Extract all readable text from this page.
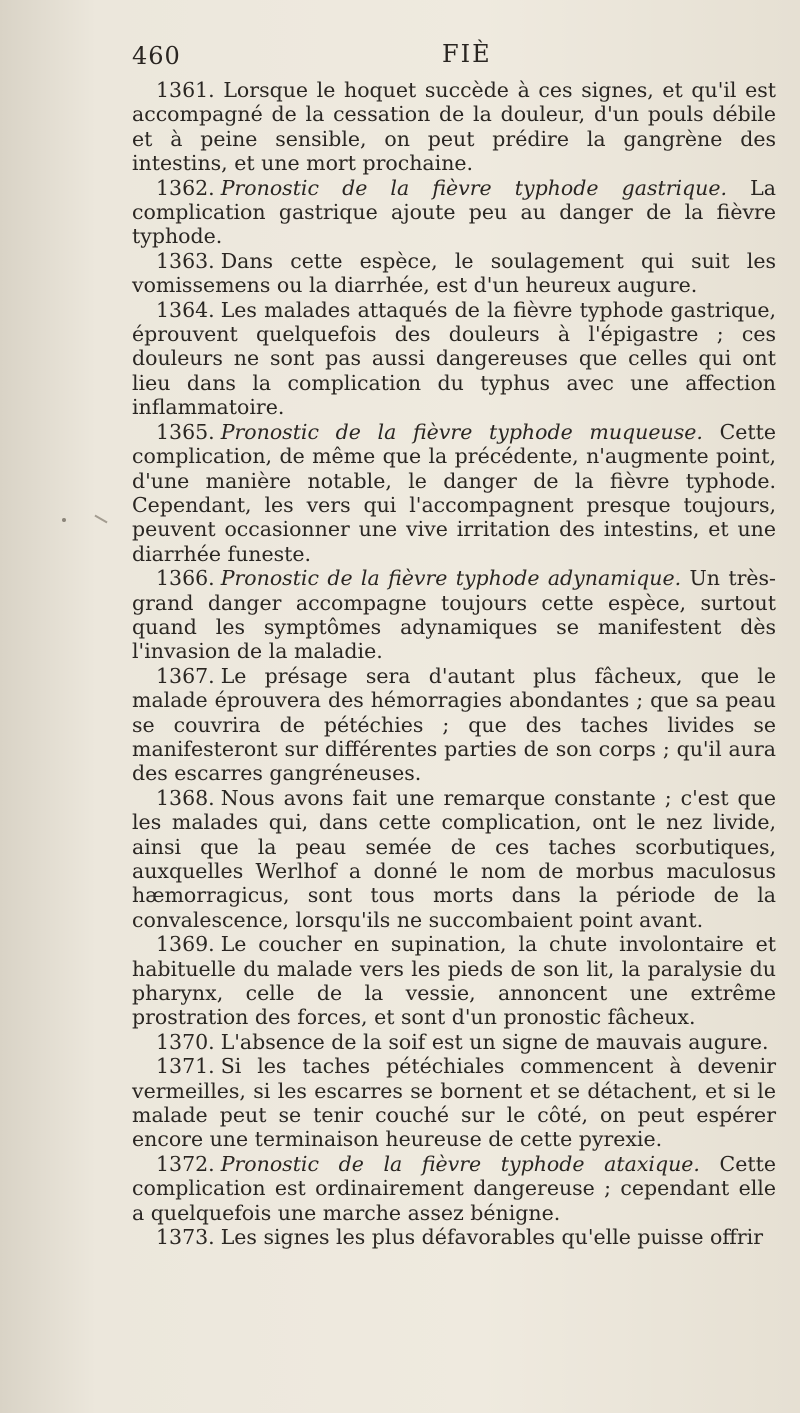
460	FIÈ

1361. Lorsque le hoquet succède à ces signes, et qu'il est accompagné de la cessation de la douleur, d'un pouls débile et à peine sensible, on peut prédire la gangrène des intestins, et une mort prochaine.

1362. Pronostic de la fièvre typhode gastrique. La complication gastrique ajoute peu au danger de la fièvre typhode.

1363. Dans cette espèce, le soulagement qui suit les vomissemens ou la diarrhée, est d'un heureux augure.

1364. Les malades attaqués de la fièvre typhode gastrique, éprouvent quelquefois des douleurs à l'épigastre ; ces douleurs ne sont pas aussi dangereuses que celles qui ont lieu dans la complication du typhus avec une affection inflammatoire.

1365. Pronostic de la fièvre typhode muqueuse. Cette complication, de même que la précédente, n'augmente point, d'une manière notable, le danger de la fièvre typhode. Cependant, les vers qui l'accompagnent presque toujours, peuvent occasionner une vive irritation des intestins, et une diarrhée funeste.

1366. Pronostic de la fièvre typhode adynamique. Un très-grand danger accompagne toujours cette espèce, surtout quand les symptômes adynamiques se manifestent dès l'invasion de la maladie.

1367. Le présage sera d'autant plus fâcheux, que le malade éprouvera des hémorragies abondantes ; que sa peau se couvrira de pétéchies ; que des taches livides se manifesteront sur différentes parties de son corps ; qu'il aura des escarres gangréneuses.

1368. Nous avons fait une remarque constante ; c'est que les malades qui, dans cette complication, ont le nez livide, ainsi que la peau semée de ces taches scorbutiques, auxquelles Werlhof a donné le nom de morbus maculosus hæmorragicus, sont tous morts dans la période de la convalescence, lorsqu'ils ne succombaient point avant.

1369. Le coucher en supination, la chute involontaire et habituelle du malade vers les pieds de son lit, la paralysie du pharynx, celle de la vessie, annoncent une extrême prostration des forces, et sont d'un pronostic fâcheux.

1370. L'absence de la soif est un signe de mauvais augure.

1371. Si les taches pétéchiales commencent à devenir vermeilles, si les escarres se bornent et se détachent, et si le malade peut se tenir couché sur le côté, on peut espérer encore une terminaison heureuse de cette pyrexie.

1372. Pronostic de la fièvre typhode ataxique. Cette complication est ordinairement dangereuse ; cependant elle a quelquefois une marche assez bénigne.

1373. Les signes les plus défavorables qu'elle puisse offrir
